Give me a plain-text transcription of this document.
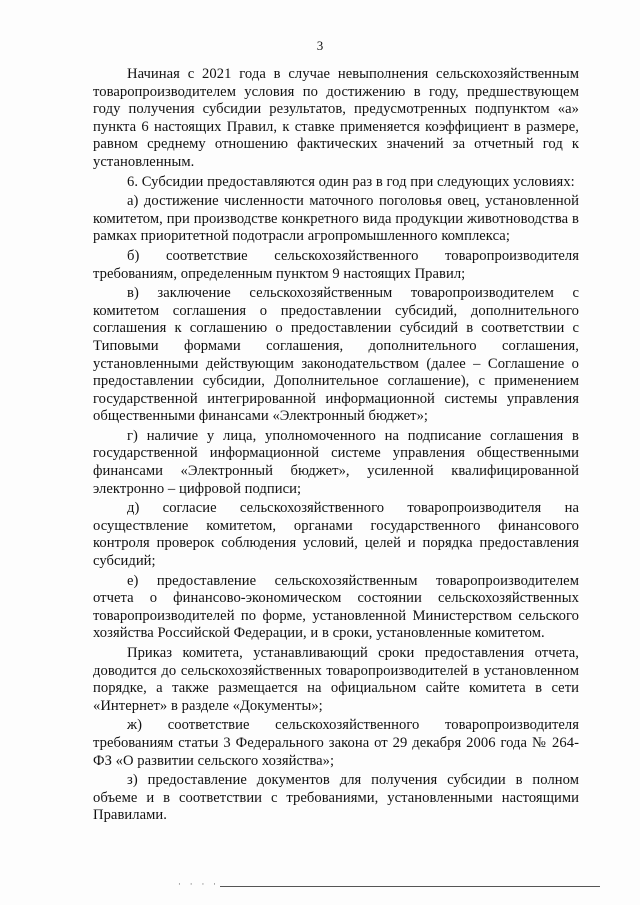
3

Начиная с 2021 года в случае невыполнения сельскохозяйственным товаропроизводителем условия по достижению в году, предшествующем году получения субсидии результатов, предусмотренных подпунктом «а» пункта 6 настоящих Правил, к ставке применяется коэффициент в размере, равном среднему отношению фактических значений за отчетный год к установленным.

6. Субсидии предоставляются один раз в год при следующих условиях:

а) достижение численности маточного поголовья овец, установленной комитетом, при производстве конкретного вида продукции животноводства в рамках приоритетной подотрасли агропромышленного комплекса;

б) соответствие сельскохозяйственного товаропроизводителя требованиям, определенным пунктом 9 настоящих Правил;

в) заключение сельскохозяйственным товаропроизводителем с комитетом соглашения о предоставлении субсидий, дополнительного соглашения к соглашению о предоставлении субсидий в соответствии с Типовыми формами соглашения, дополнительного соглашения, установленными действующим законодательством (далее – Соглашение о предоставлении субсидии, Дополнительное соглашение), с применением государственной интегрированной информационной системы управления общественными финансами «Электронный бюджет»;

г) наличие у лица, уполномоченного на подписание соглашения в государственной информационной системе управления общественными финансами «Электронный бюджет», усиленной квалифицированной электронно – цифровой подписи;

д) согласие сельскохозяйственного товаропроизводителя на осуществление комитетом, органами государственного финансового контроля проверок соблюдения условий, целей и порядка предоставления субсидий;

е) предоставление сельскохозяйственным товаропроизводителем отчета о финансово-экономическом состоянии сельскохозяйственных товаропроизводителей по форме, установленной Министерством сельского хозяйства Российской Федерации, и в сроки, установленные комитетом.

Приказ комитета, устанавливающий сроки предоставления отчета, доводится до сельскохозяйственных товаропроизводителей в установленном порядке, а также размещается на официальном сайте комитета в сети «Интернет» в разделе «Документы»;

ж) соответствие сельскохозяйственного товаропроизводителя требованиям статьи 3 Федерального закона от 29 декабря 2006 года № 264-ФЗ «О развитии сельского хозяйства»;

з) предоставление документов для получения субсидии в полном объеме и в соответствии с требованиями, установленными настоящими Правилами.

· · · ·
